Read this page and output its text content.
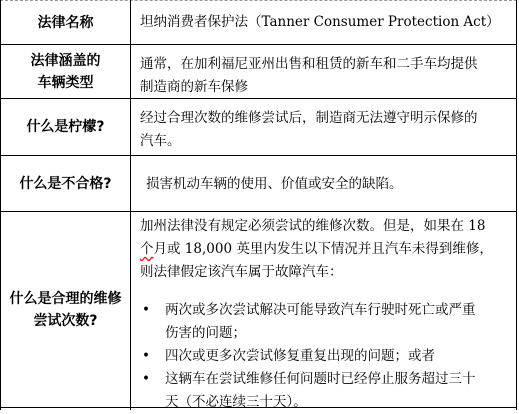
法律名称	坦纳消费者保护法（Tanner Consumer Protection Act）

法律涵盖的
车辆类型

通常，在加利福尼亚州出售和租赁的新车和二手车均提供

制造商的新车保修

什么是柠檬?

经过合理次数的维修尝试后，制造商无法遵守明示保修的

汽车。

什么是不合格?	损害机动车辆的使用、价值或安全的缺陷。

什么是合理的维修
尝试次数?

加州法律没有规定必须尝试的维修次数。但是，如果在 18

个月或 18,000 英里内发生以下情况并且汽车未得到维修，

则法律假定该汽车属于故障汽车：

• 两次或多次尝试解决可能导致汽车行驶时死亡或严重
伤害的问题；
• 四次或更多次尝试修复重复出现的问题；或者
• 这辆车在尝试维修任何问题时已经停止服务超过三十
天（不必连续三十天）。
